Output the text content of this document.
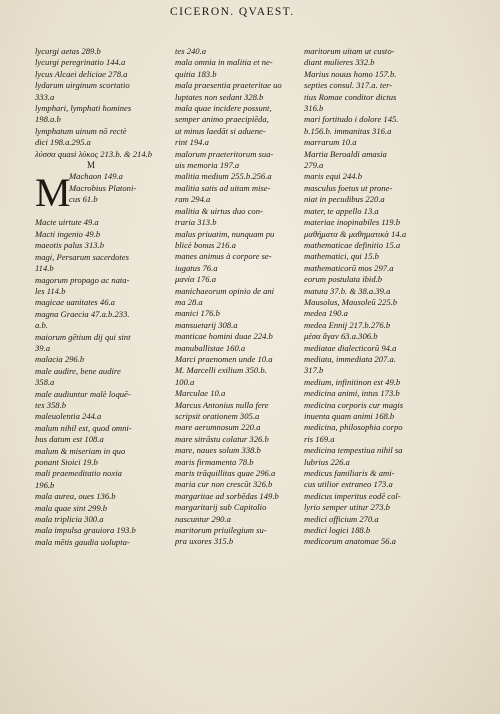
CICERON. QVAEST.
lycurgi aetas 289.b
lycurgi peregrinatio 144.a
lycus Alcaei deliciae 278.a
lydarum uirginum scortatio
333.a
lymphari, lymphati homines
198.a.b
lymphatum uinum nō rectè
dici 198.a.295.a
λύσσα quasi λύκος 213.b. & 214.b
M
M
Machaon 149.a
Macrobius Platoni-
cus 61.b
Macte uirtute 49.a
Macti ingenio 49.b
maeotis palus 313.b
magi, Persarum sacerdotes
114.b
magorum propago ac nata-
les 114.b
magicae uanitates 46.a
magna Graecia 47.a.b.233.
a.b.
maiorum gētium dij qui sint
39.a
malacia 296.b
male audire, bene audire
358.a
male audiuntur malè loquē-
tes 358.b
maleuolentia 244.a
malum nihil est, quod omni-
bus datum est 108.a
malum & miseriam in quo
ponant Stoici 19.b
mali praemeditatio noxia
196.b
mala aurea, oues 136.b
mala quae sint 299.b
mala triplicia 300.a
mala impulsa grauiora 193.b
mala mētis gaudia uolupta-
tes 240.a
mala omnia in malitia et ne-
quitia 183.b
mala praesentia praeteritae uo
luptates non sedant 328.b
mala quae incidere possunt,
semper animo praecipiēda,
ut minus laedāt si aduene-
rint 194.a
malorum praeteritorum sua-
uis memoria 197.a
malitia medium 255.b.256.a
malitia satis ad uitam mise-
ram 294.a
malitia & uirtus duo con-
traria 313.b
malus priuatim, nunquam pu
blicè bonus 216.a
manes animus à corpore se-
iugatus 76.a
μανία 176.a
manichaeorum opinio de ani
ma 28.a
manici 176.b
mansuetarij 308.a
manticae homini duae 224.b
manuballistae 160.a
Marci praenomen unde 10.a
M. Marcelli exilium 350.b.
100.a
Marculae 10.a
Marcus Antonius nulla fere
scripsit orationem 305.a
mare aerumnosum 220.a
mare sitrāstu colatur 326.b
mare, naues solum 338.b
maris firmamenta 78.b
maris trāquillitas quae 296.a
maria cur non crescūt 326.b
margaritae ad sorbēdas 149.b
margaritarij sub Capitolio
nascuntur 290.a
maritorum priuilegium su-
pra uxores 315.b
maritorum uitam ut custo-
diant mulieres 332.b
Marius nouus homo 157.b.
septies consul. 317.a. ter-
tius Romae conditor dictus
316.b
mari fortitudo i dolore 145.
b.156.b. immanitas 316.a
marrarum 10.a
Martia Beroaldi amasia
279.a
maris equi 244.b
masculus foetus ut prone-
niat in pecudibus 220.a
mater, te appello 13.a
materiae inopinabiles 119.b
μαθήματα & μαθηματικὰ 14.a
mathematicae definitio 15.a
mathematici, qui 15.b
mathematicorū mos 297.a
eorum postulata ibid.b
matuta 37.b. & 38.a.39.a
Mausolus, Mausoleū 225.b
medea 190.a
medea Ennij 217.b.276.b
μέσα ἄγαν 63.a.306.b
mediatae dialecticorū 94.a
mediata, immediata 207.a.
317.b
medium, infinitinon est 49.b
medicina animi, intus 173.b
medicina corporis cur magis
inuenta quam animi 168.b
medicina, philosophia corpo
ris 169.a
medicina tempestiua nihil sa
lubrius 226.a
medicus familiaris & ami-
cus utilior extraneo 173.a
medicus imperitus eodē col-
lyrio semper utitur 273.b
medici officium 270.a
medici logici 188.b
medicorum anatomae 56.a
